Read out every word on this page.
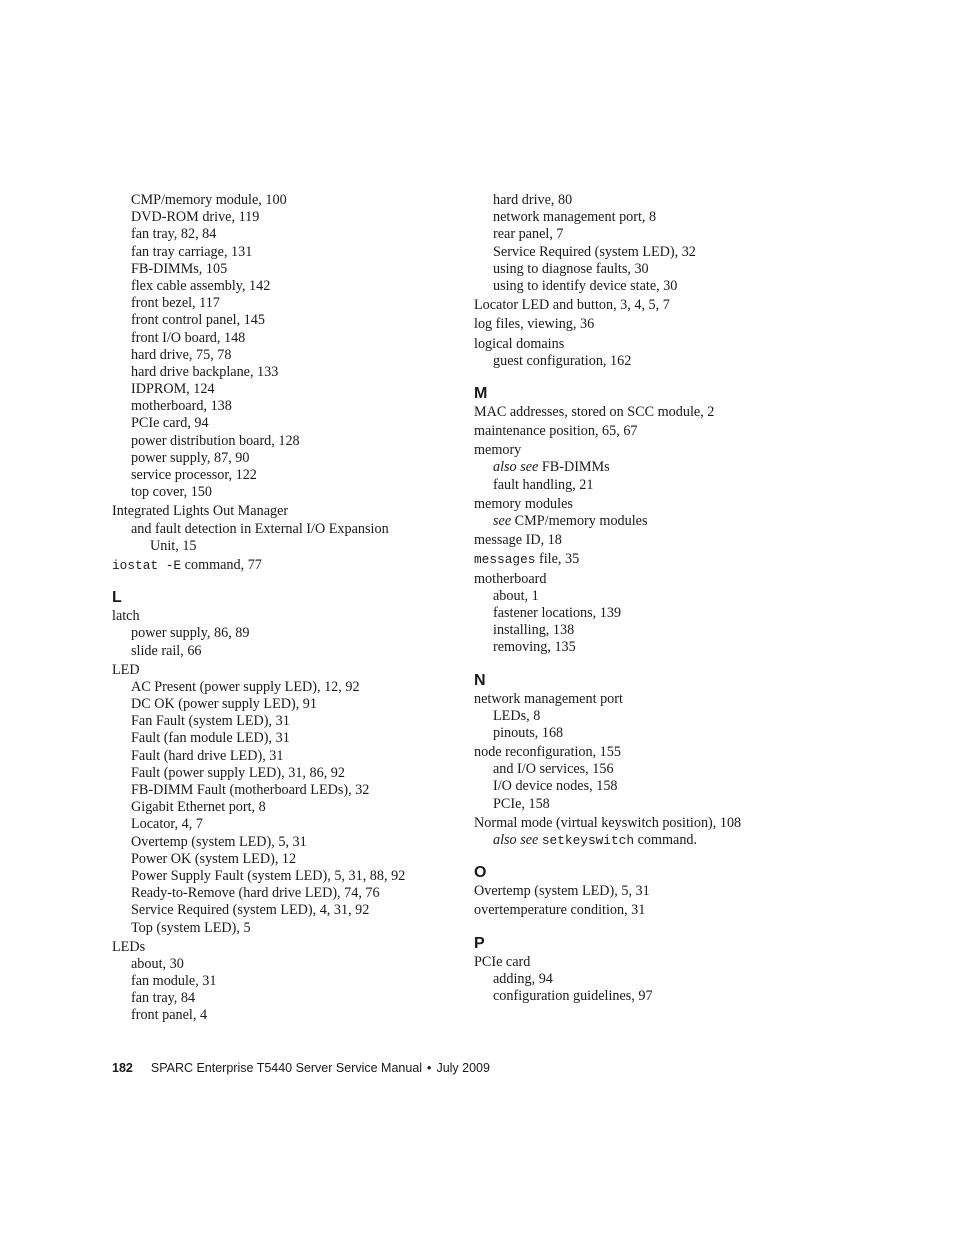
CMP/memory module, 100
DVD-ROM drive, 119
fan tray, 82, 84
fan tray carriage, 131
FB-DIMMs, 105
flex cable assembly, 142
front bezel, 117
front control panel, 145
front I/O board, 148
hard drive, 75, 78
hard drive backplane, 133
IDPROM, 124
motherboard, 138
PCIe card, 94
power distribution board, 128
power supply, 87, 90
service processor, 122
top cover, 150
Integrated Lights Out Manager
and fault detection in External I/O Expansion
Unit, 15
iostat -E command, 77
L
latch
power supply, 86, 89
slide rail, 66
LED
AC Present (power supply LED), 12, 92
DC OK (power supply LED), 91
Fan Fault (system LED), 31
Fault (fan module LED), 31
Fault (hard drive LED), 31
Fault (power supply LED), 31, 86, 92
FB-DIMM Fault (motherboard LEDs), 32
Gigabit Ethernet port, 8
Locator, 4, 7
Overtemp (system LED), 5, 31
Power OK (system LED), 12
Power Supply Fault (system LED), 5, 31, 88, 92
Ready-to-Remove (hard drive LED), 74, 76
Service Required (system LED), 4, 31, 92
Top (system LED), 5
LEDs
about, 30
fan module, 31
fan tray, 84
front panel, 4
hard drive, 80
network management port, 8
rear panel, 7
Service Required (system LED), 32
using to diagnose faults, 30
using to identify device state, 30
Locator LED and button, 3, 4, 5, 7
log files, viewing, 36
logical domains
guest configuration, 162
M
MAC addresses, stored on SCC module, 2
maintenance position, 65, 67
memory
also see FB-DIMMs
fault handling, 21
memory modules
see CMP/memory modules
message ID, 18
messages file, 35
motherboard
about, 1
fastener locations, 139
installing, 138
removing, 135
N
network management port
LEDs, 8
pinouts, 168
node reconfiguration, 155
and I/O services, 156
I/O device nodes, 158
PCIe, 158
Normal mode (virtual keyswitch position), 108
also see setkeyswitch command.
O
Overtemp (system LED), 5, 31
overtemperature condition, 31
P
PCIe card
adding, 94
configuration guidelines, 97
182 SPARC Enterprise T5440 Server Service Manual • July 2009
